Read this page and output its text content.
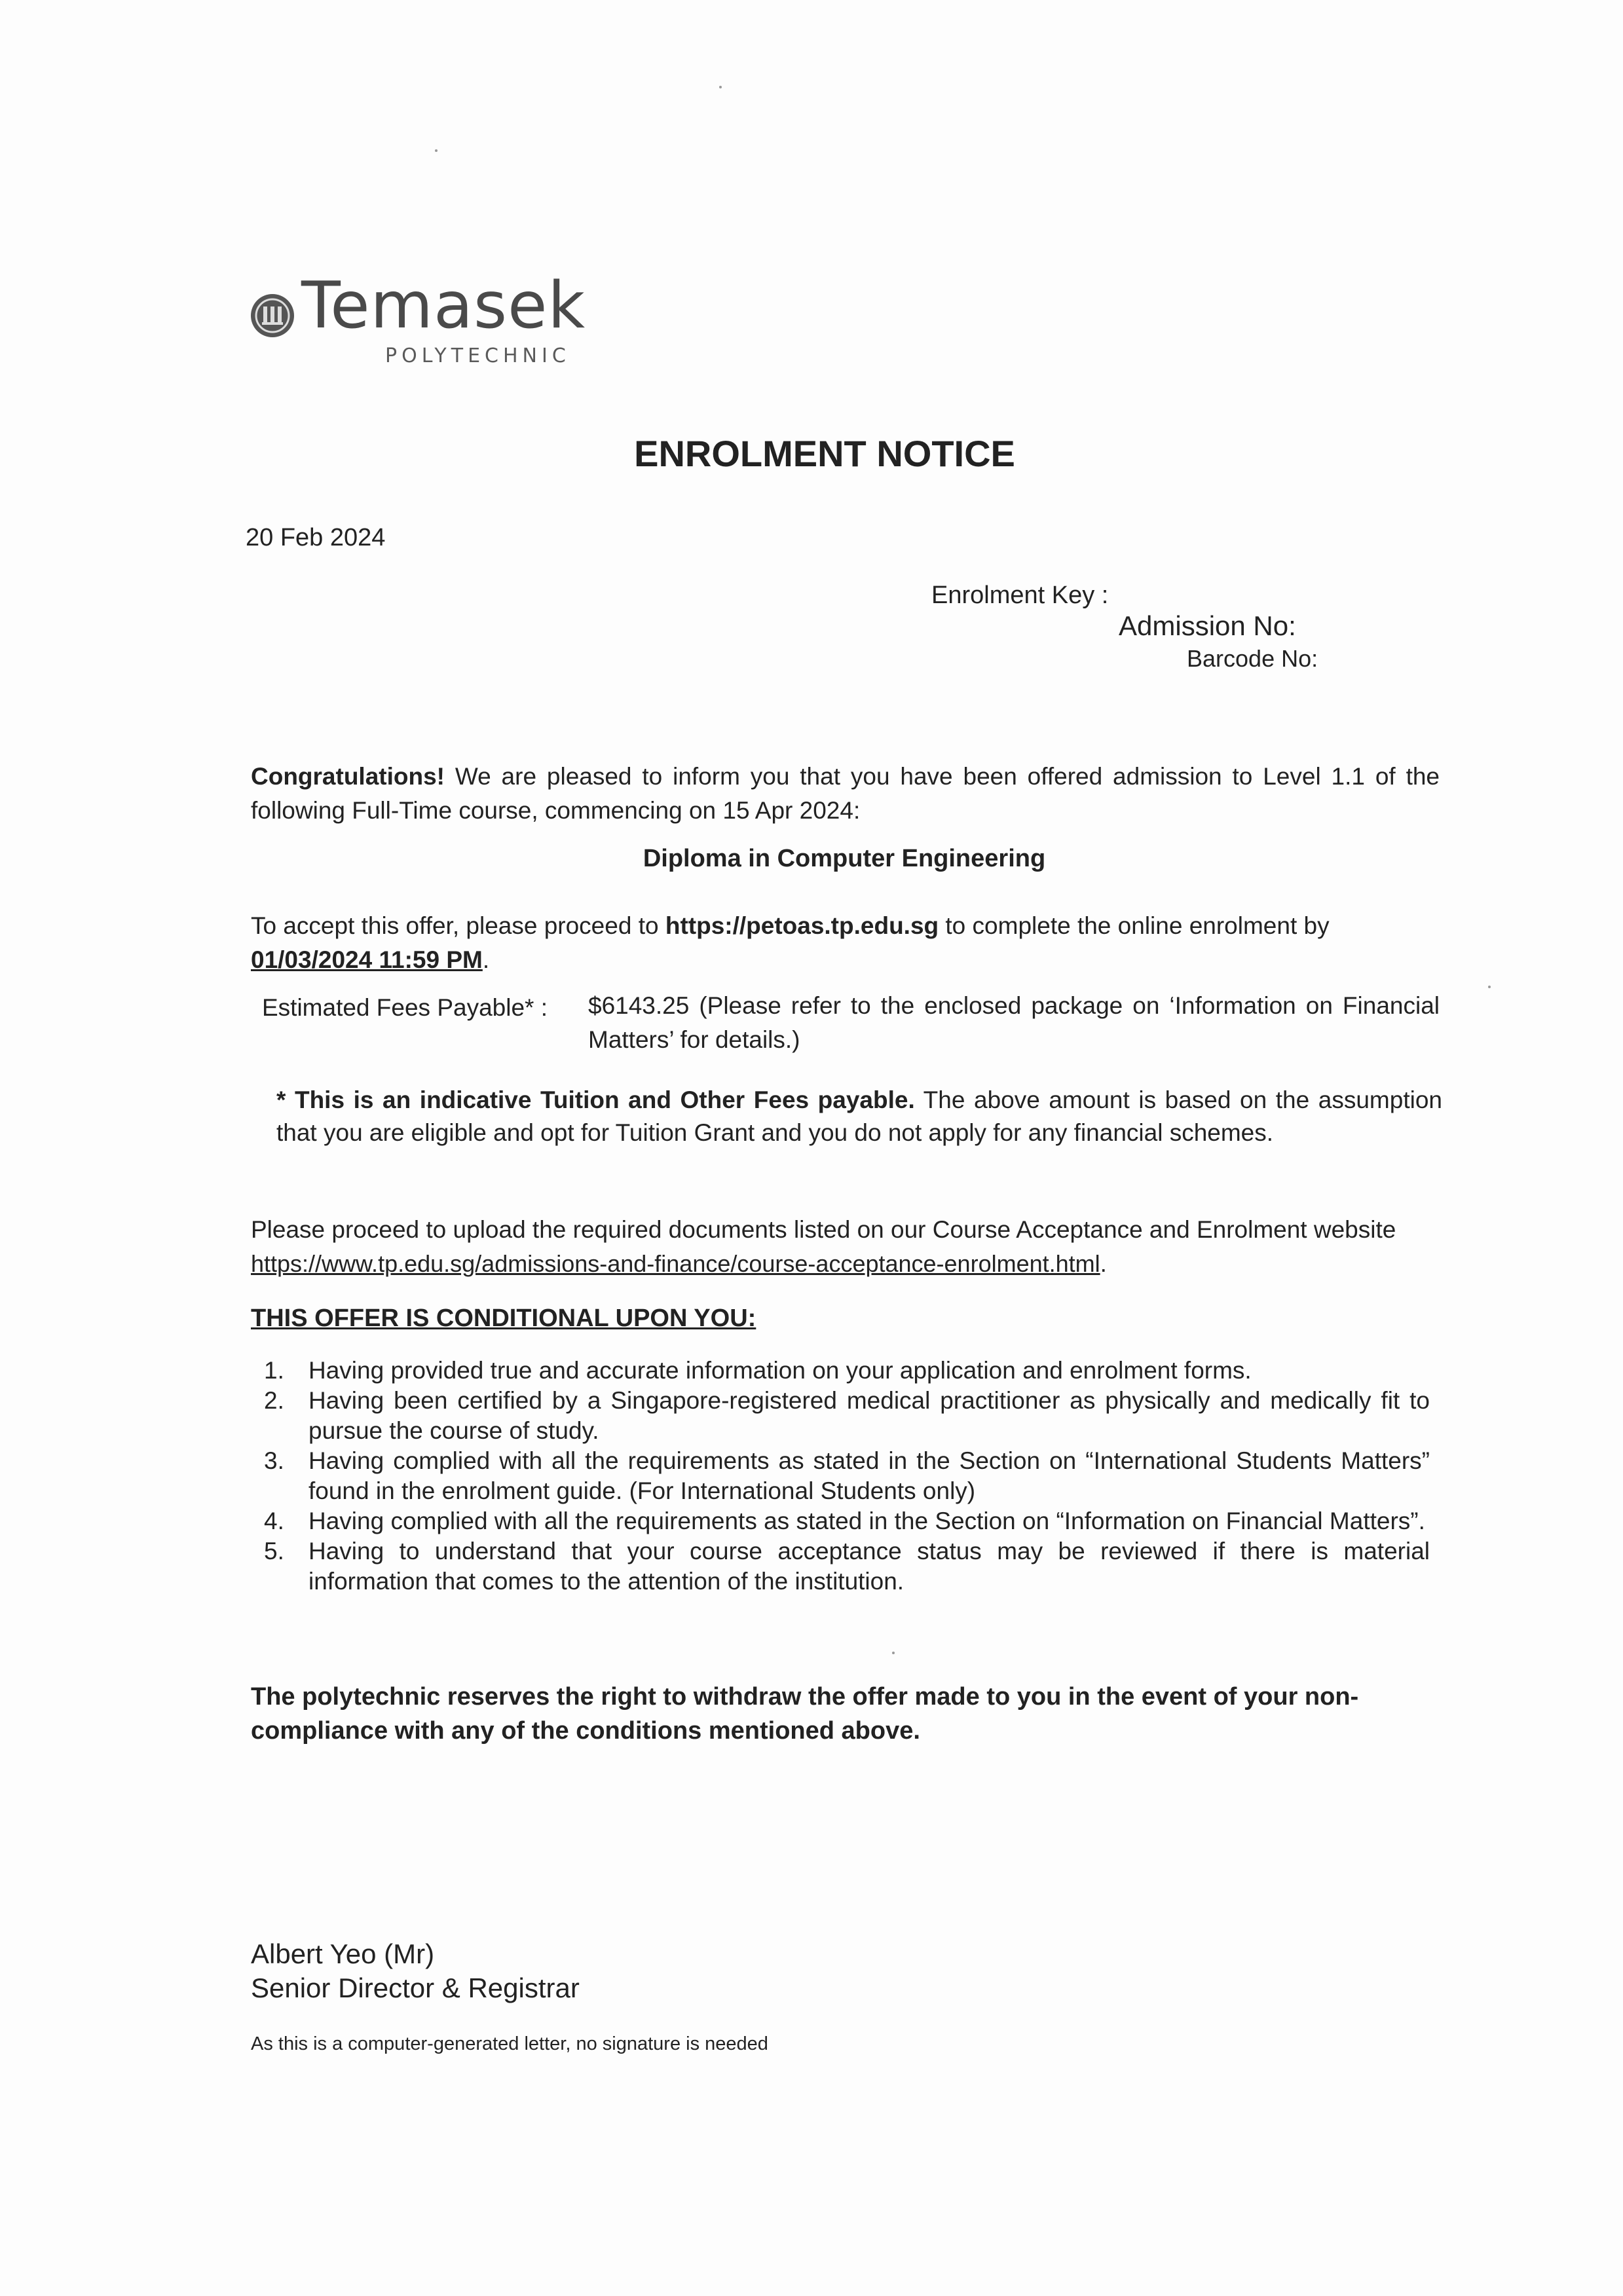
Temasek
POLYTECHNIC
ENROLMENT NOTICE
20 Feb 2024
Enrolment Key :
Admission No:
Barcode No:
Congratulations! We are pleased to inform you that you have been offered admission to Level 1.1 of the following Full-Time course, commencing on 15 Apr 2024:
Diploma in Computer Engineering
To accept this offer, please proceed to https://petoas.tp.edu.sg to complete the online enrolment by 01/03/2024 11:59 PM.
Estimated Fees Payable* : $6143.25 (Please refer to the enclosed package on ‘Information on Financial Matters’ for details.)
* This is an indicative Tuition and Other Fees payable. The above amount is based on the assumption that you are eligible and opt for Tuition Grant and you do not apply for any financial schemes.
Please proceed to upload the required documents listed on our Course Acceptance and Enrolment website https://www.tp.edu.sg/admissions-and-finance/course-acceptance-enrolment.html.
THIS OFFER IS CONDITIONAL UPON YOU:
1.	Having provided true and accurate information on your application and enrolment forms.
2.	Having been certified by a Singapore-registered medical practitioner as physically and medically fit to pursue the course of study.
3.	Having complied with all the requirements as stated in the Section on “International Students Matters” found in the enrolment guide. (For International Students only)
4.	Having complied with all the requirements as stated in the Section on “Information on Financial Matters”.
5.	Having to understand that your course acceptance status may be reviewed if there is material information that comes to the attention of the institution.
The polytechnic reserves the right to withdraw the offer made to you in the event of your non-compliance with any of the conditions mentioned above.
Albert Yeo (Mr)
Senior Director & Registrar
As this is a computer-generated letter, no signature is needed
